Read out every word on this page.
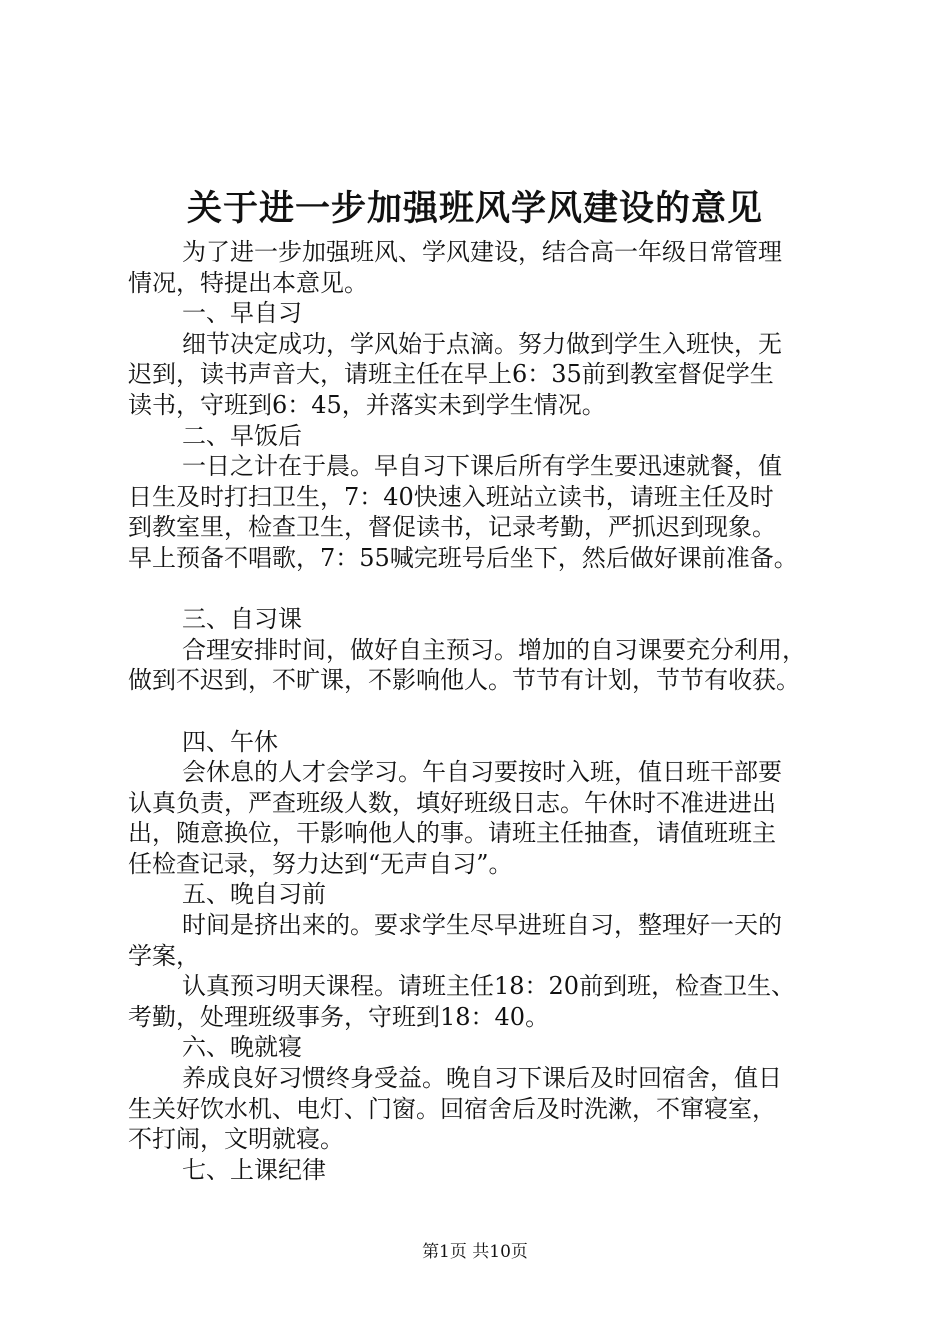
关于进一步加强班风学风建设的意见
为了进一步加强班风、学风建设，结合高一年级日常管理
情况，特提出本意见。
一、早自习
细节决定成功，学风始于点滴。努力做到学生入班快，无
迟到，读书声音大，请班主任在早上6：35前到教室督促学生
读书，守班到6：45，并落实未到学生情况。
二、早饭后
一日之计在于晨。早自习下课后所有学生要迅速就餐，值
日生及时打扫卫生，7：40快速入班站立读书，请班主任及时
到教室里，检查卫生，督促读书，记录考勤，严抓迟到现象。
早上预备不唱歌，7：55喊完班号后坐下，然后做好课前准备。
三、自习课
合理安排时间，做好自主预习。增加的自习课要充分利用，
做到不迟到，不旷课，不影响他人。节节有计划，节节有收获。
四、午休
会休息的人才会学习。午自习要按时入班，值日班干部要
认真负责，严查班级人数，填好班级日志。午休时不准进进出
出，随意换位，干影响他人的事。请班主任抽查，请值班班主
任检查记录，努力达到“无声自习”。
五、晚自习前
时间是挤出来的。要求学生尽早进班自习，整理好一天的
学案，
认真预习明天课程。请班主任18：20前到班，检查卫生、
考勤，处理班级事务，守班到18：40。
六、晚就寝
养成良好习惯终身受益。晚自习下课后及时回宿舍，值日
生关好饮水机、电灯、门窗。回宿舍后及时洗漱，不窜寝室，
不打闹，文明就寝。
七、上课纪律
第1页 共10页
